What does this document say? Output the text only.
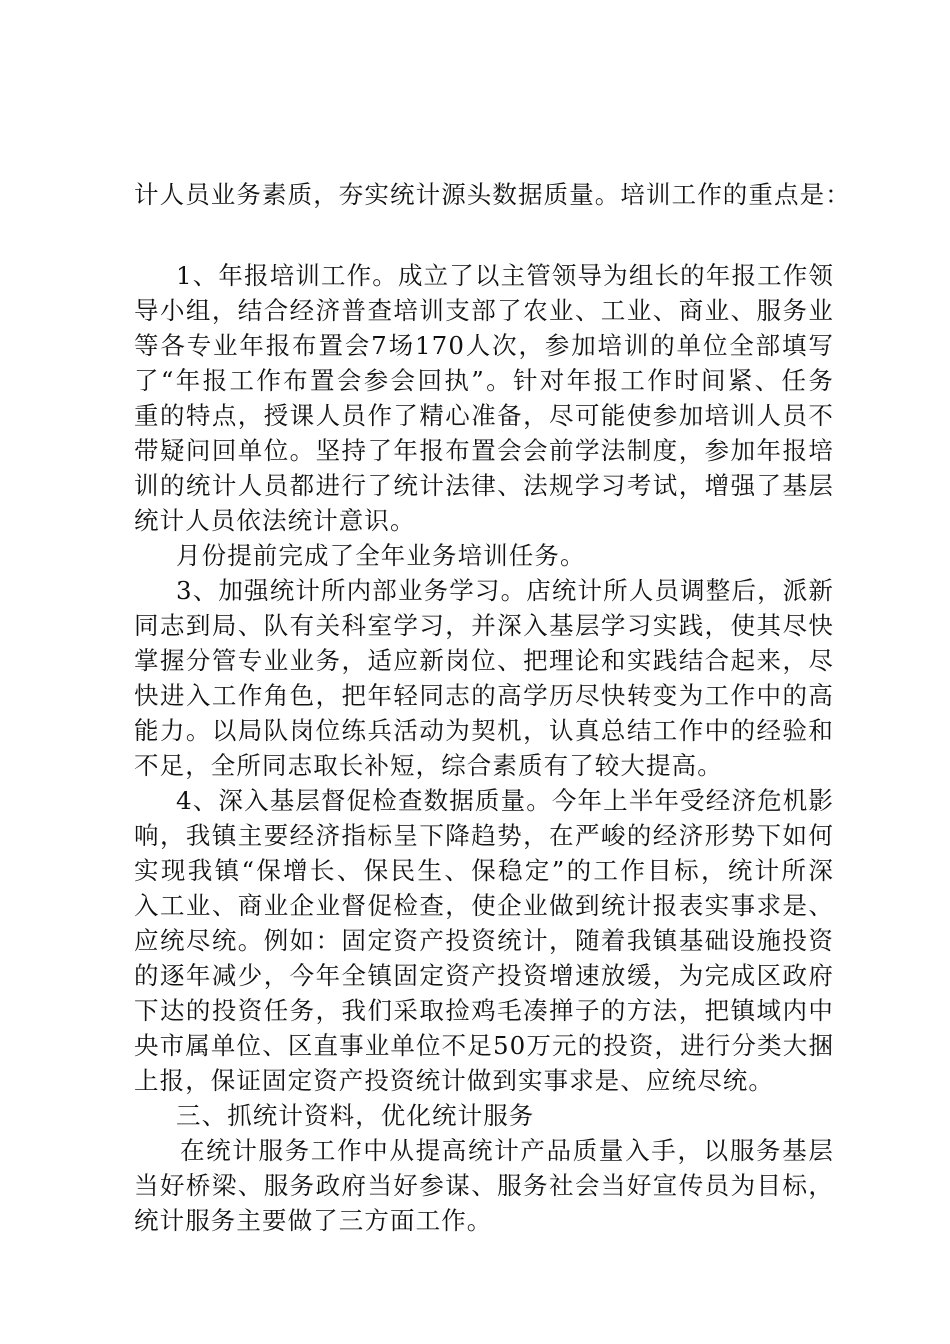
计人员业务素质，夯实统计源头数据质量。培训工作的重点是：
1、年报培训工作。成立了以主管领导为组长的年报工作领
导小组，结合经济普查培训支部了农业、工业、商业、服务业
等各专业年报布置会7场170人次，参加培训的单位全部填写
了“年报工作布置会参会回执”。针对年报工作时间紧、任务
重的特点，授课人员作了精心准备，尽可能使参加培训人员不
带疑问回单位。坚持了年报布置会会前学法制度，参加年报培
训的统计人员都进行了统计法律、法规学习考试，增强了基层
统计人员依法统计意识。
月份提前完成了全年业务培训任务。
3、加强统计所内部业务学习。店统计所人员调整后，派新
同志到局、队有关科室学习，并深入基层学习实践，使其尽快
掌握分管专业业务，适应新岗位、把理论和实践结合起来，尽
快进入工作角色，把年轻同志的高学历尽快转变为工作中的高
能力。以局队岗位练兵活动为契机，认真总结工作中的经验和
不足，全所同志取长补短，综合素质有了较大提高。
4、深入基层督促检查数据质量。今年上半年受经济危机影
响，我镇主要经济指标呈下降趋势，在严峻的经济形势下如何
实现我镇“保增长、保民生、保稳定”的工作目标，统计所深
入工业、商业企业督促检查，使企业做到统计报表实事求是、
应统尽统。例如：固定资产投资统计，随着我镇基础设施投资
的逐年减少，今年全镇固定资产投资增速放缓，为完成区政府
下达的投资任务，我们采取捡鸡毛凑掸子的方法，把镇域内中
央市属单位、区直事业单位不足50万元的投资，进行分类大捆
上报，保证固定资产投资统计做到实事求是、应统尽统。
三、抓统计资料，优化统计服务
在统计服务工作中从提高统计产品质量入手，以服务基层
当好桥梁、服务政府当好参谋、服务社会当好宣传员为目标，
统计服务主要做了三方面工作。
